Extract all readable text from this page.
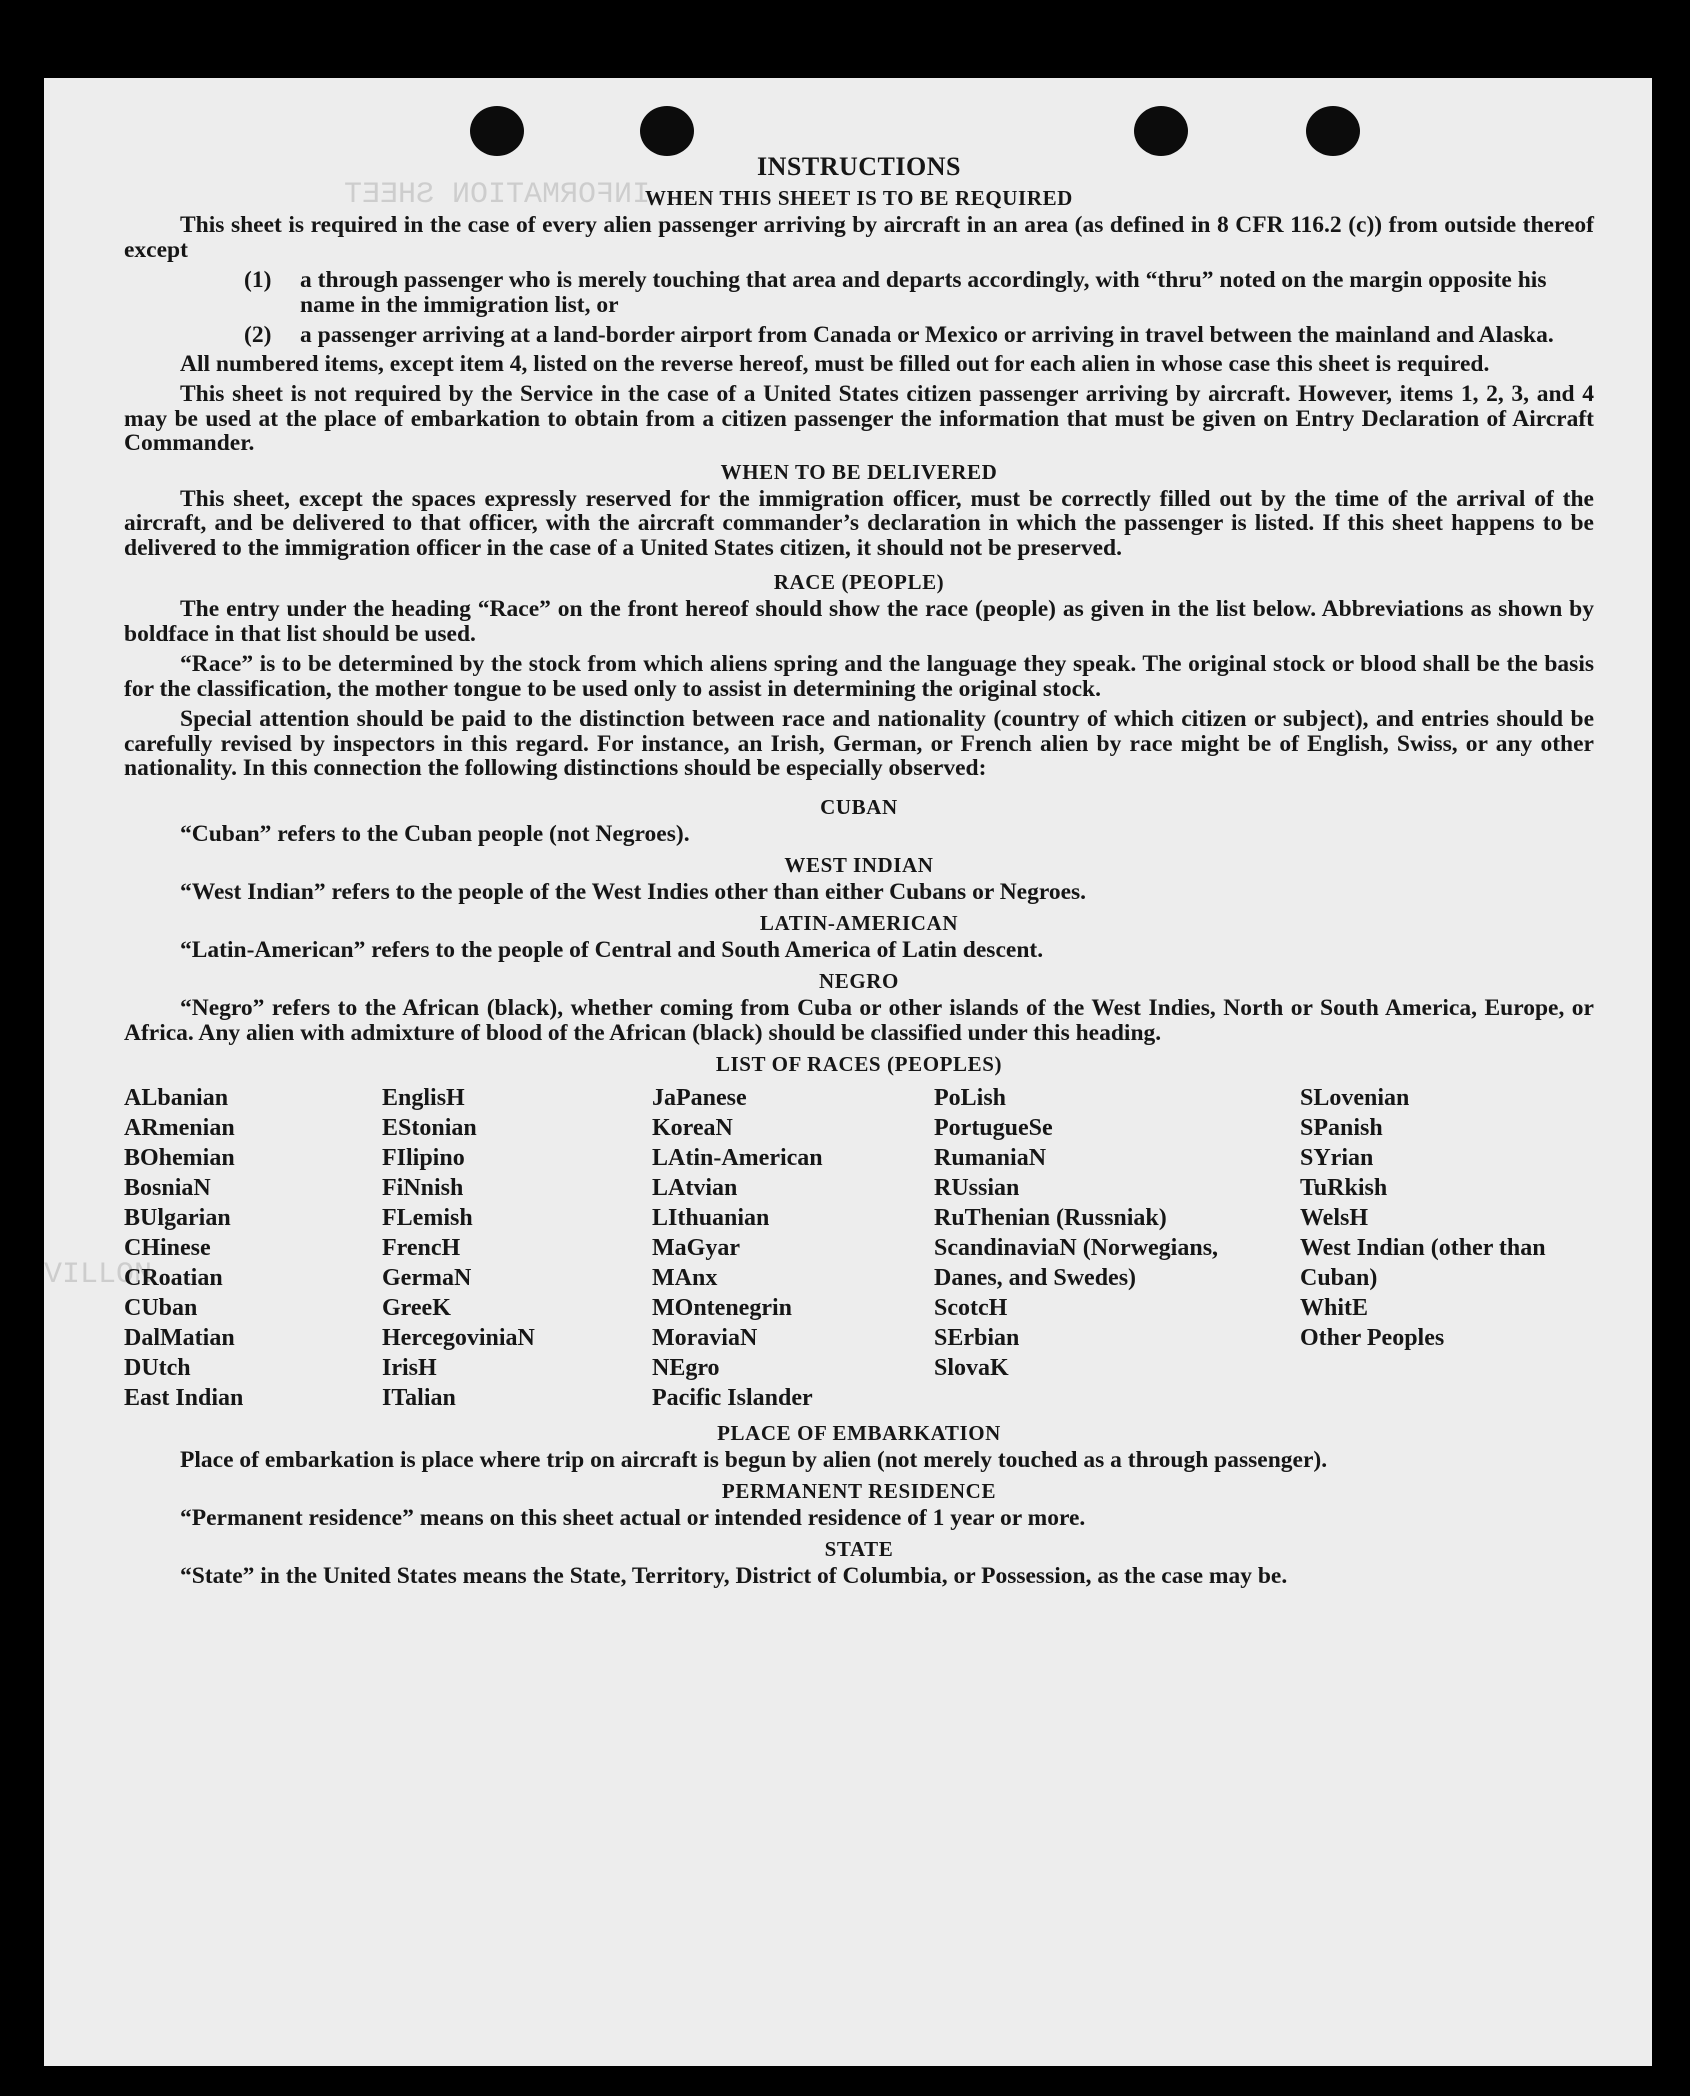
INFORMATION SHEET
VILLON
INSTRUCTIONS
WHEN THIS SHEET IS TO BE REQUIRED

This sheet is required in the case of every alien passenger arriving by aircraft in an area (as defined in 8 CFR 116.2 (c)) from outside thereof except

(1)	a through passenger who is merely touching that area and departs accordingly, with “thru” noted on the margin opposite his name in the immigration list, or
(2)	a passenger arriving at a land-border airport from Canada or Mexico or arriving in travel between the mainland and Alaska.

All numbered items, except item 4, listed on the reverse hereof, must be filled out for each alien in whose case this sheet is required.

This sheet is not required by the Service in the case of a United States citizen passenger arriving by aircraft. However, items 1, 2, 3, and 4 may be used at the place of embarkation to obtain from a citizen passenger the information that must be given on Entry Declaration of Aircraft Commander.

WHEN TO BE DELIVERED

This sheet, except the spaces expressly reserved for the immigration officer, must be correctly filled out by the time of the arrival of the aircraft, and be delivered to that officer, with the aircraft commander’s declaration in which the passenger is listed. If this sheet happens to be delivered to the immigration officer in the case of a United States citizen, it should not be preserved.

RACE (PEOPLE)

The entry under the heading “Race” on the front hereof should show the race (people) as given in the list below. Abbreviations as shown by boldface in that list should be used.

“Race” is to be determined by the stock from which aliens spring and the language they speak. The original stock or blood shall be the basis for the classification, the mother tongue to be used only to assist in determining the original stock.

Special attention should be paid to the distinction between race and nationality (country of which citizen or subject), and entries should be carefully revised by inspectors in this regard. For instance, an Irish, German, or French alien by race might be of English, Swiss, or any other nationality. In this connection the following distinctions should be especially observed:

CUBAN

“Cuban” refers to the Cuban people (not Negroes).

WEST INDIAN

“West Indian” refers to the people of the West Indies other than either Cubans or Negroes.

LATIN-AMERICAN

“Latin-American” refers to the people of Central and South America of Latin descent.

NEGRO

“Negro” refers to the African (black), whether coming from Cuba or other islands of the West Indies, North or South America, Europe, or Africa. Any alien with admixture of blood of the African (black) should be classified under this heading.

LIST OF RACES (PEOPLES)
ALbanian
ARmenian
BOhemian
BosniaN
BUlgarian
CHinese
CRoatian
CUban
DalMatian
DUtch
East Indian
EnglisH
EStonian
FIlipino
FiNnish
FLemish
FrencH
GermaN
GreeK
HercegoviniaN
IrisH
ITalian
JaPanese
KoreaN
LAtin-American
LAtvian
LIthuanian
MaGyar
MAnx
MOntenegrin
MoraviaN
NEgro
Pacific Islander
PoLish
PortugueSe
RumaniaN
RUssian
RuThenian (Russniak)
ScandinaviaN (Norwegians, Danes, and Swedes)
ScotcH
SErbian
SlovaK
SLovenian
SPanish
SYrian
TuRkish
WelsH
West Indian (other than Cuban)
WhitE
Other Peoples
PLACE OF EMBARKATION

Place of embarkation is place where trip on aircraft is begun by alien (not merely touched as a through passenger).

PERMANENT RESIDENCE

“Permanent residence” means on this sheet actual or intended residence of 1 year or more.

STATE

“State” in the United States means the State, Territory, District of Columbia, or Possession, as the case may be.
